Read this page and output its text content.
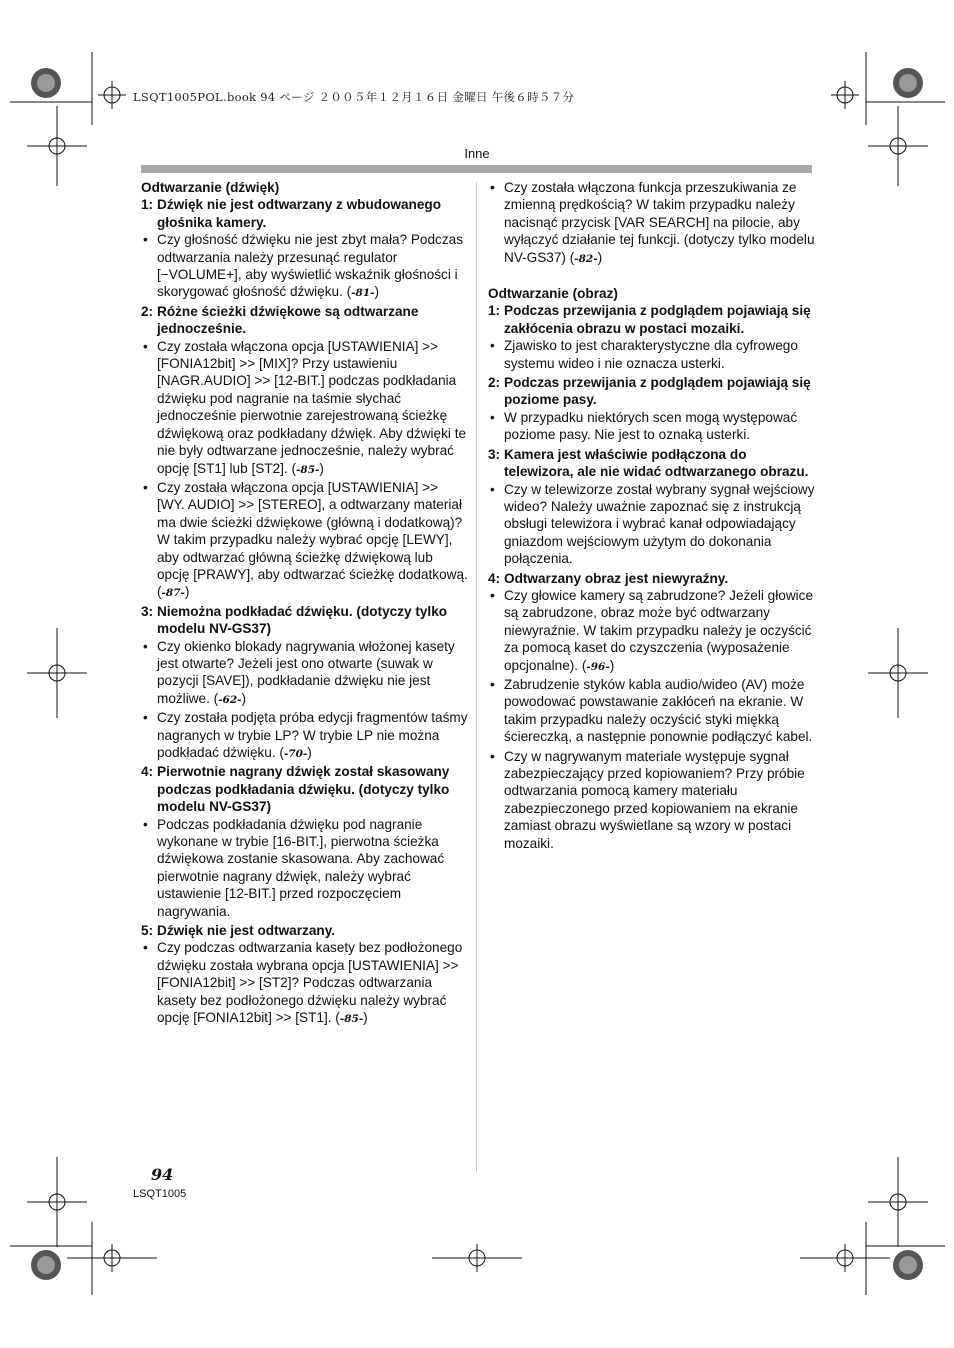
LSQT1005POL.book 94 ページ ２００５年１２月１６日 金曜日 午後６時５７分
Inne
Odtwarzanie (dźwięk)
1: Dźwięk nie jest odtwarzany z wbudowanego głośnika kamery.
• Czy głośność dźwięku nie jest zbyt mała? Podczas odtwarzania należy przesunąć regulator [−VOLUME+], aby wyświetlić wskaźnik głośności i skorygować głośność dźwięku. (-81-)
2: Różne ścieżki dźwiękowe są odtwarzane jednocześnie.
• Czy została włączona opcja [USTAWIENIA] >> [FONIA12bit] >> [MIX]? Przy ustawieniu [NAGR.AUDIO] >> [12-BIT.] podczas podkładania dźwięku pod nagranie na taśmie słychać jednocześnie pierwotnie zarejestrowaną ścieżkę dźwiękową oraz podkładany dźwięk. Aby dźwięki te nie były odtwarzane jednocześnie, należy wybrać opcję [ST1] lub [ST2]. (-85-)
• Czy została włączona opcja [USTAWIENIA] >> [WY. AUDIO] >> [STEREO], a odtwarzany materiał ma dwie ścieżki dźwiękowe (główną i dodatkową)? W takim przypadku należy wybrać opcję [LEWY], aby odtwarzać główną ścieżkę dźwiękową lub opcję [PRAWY], aby odtwarzać ścieżkę dodatkową. (-87-)
3: Niemożna podkładać dźwięku. (dotyczy tylko modelu NV-GS37)
• Czy okienko blokady nagrywania włożonej kasety jest otwarte? Jeżeli jest ono otwarte (suwak w pozycji [SAVE]), podkładanie dźwięku nie jest możliwe. (-62-)
• Czy została podjęta próba edycji fragmentów taśmy nagranych w trybie LP? W trybie LP nie można podkładać dźwięku. (-70-)
4: Pierwotnie nagrany dźwięk został skasowany podczas podkładania dźwięku. (dotyczy tylko modelu NV-GS37)
• Podczas podkładania dźwięku pod nagranie wykonane w trybie [16-BIT.], pierwotna ścieżka dźwiękowa zostanie skasowana. Aby zachować pierwotnie nagrany dźwięk, należy wybrać ustawienie [12-BIT.] przed rozpoczęciem nagrywania.
5: Dźwięk nie jest odtwarzany.
• Czy podczas odtwarzania kasety bez podłożonego dźwięku została wybrana opcja [USTAWIENIA] >> [FONIA12bit] >> [ST2]? Podczas odtwarzania kasety bez podłożonego dźwięku należy wybrać opcję [FONIA12bit] >> [ST1]. (-85-)
• Czy została włączona funkcja przeszukiwania ze zmienną prędkością? W takim przypadku należy nacisnąć przycisk [VAR SEARCH] na pilocie, aby wyłączyć działanie tej funkcji. (dotyczy tylko modelu NV-GS37) (-82-)
Odtwarzanie (obraz)
1: Podczas przewijania z podglądem pojawiają się zakłócenia obrazu w postaci mozaiki.
• Zjawisko to jest charakterystyczne dla cyfrowego systemu wideo i nie oznacza usterki.
2: Podczas przewijania z podglądem pojawiają się poziome pasy.
• W przypadku niektórych scen mogą występować poziome pasy. Nie jest to oznaką usterki.
3: Kamera jest właściwie podłączona do telewizora, ale nie widać odtwarzanego obrazu.
• Czy w telewizorze został wybrany sygnał wejściowy wideo? Należy uważnie zapoznać się z instrukcją obsługi telewizora i wybrać kanał odpowiadający gniazdom wejściowym użytym do dokonania połączenia.
4: Odtwarzany obraz jest niewyraźny.
• Czy głowice kamery są zabrudzone? Jeżeli głowice są zabrudzone, obraz może być odtwarzany niewyraźnie. W takim przypadku należy je oczyścić za pomocą kaset do czyszczenia (wyposażenie opcjonalne). (-96-)
• Zabrudzenie styków kabla audio/wideo (AV) może powodować powstawanie zakłóceń na ekranie. W takim przypadku należy oczyścić styki miękką ściereczką, a następnie ponownie podłączyć kabel.
• Czy w nagrywanym materiale występuje sygnał zabezpieczający przed kopiowaniem? Przy próbie odtwarzania pomocą kamery materiału zabezpieczonego przed kopiowaniem na ekranie zamiast obrazu wyświetlane są wzory w postaci mozaiki.
94
LSQT1005
